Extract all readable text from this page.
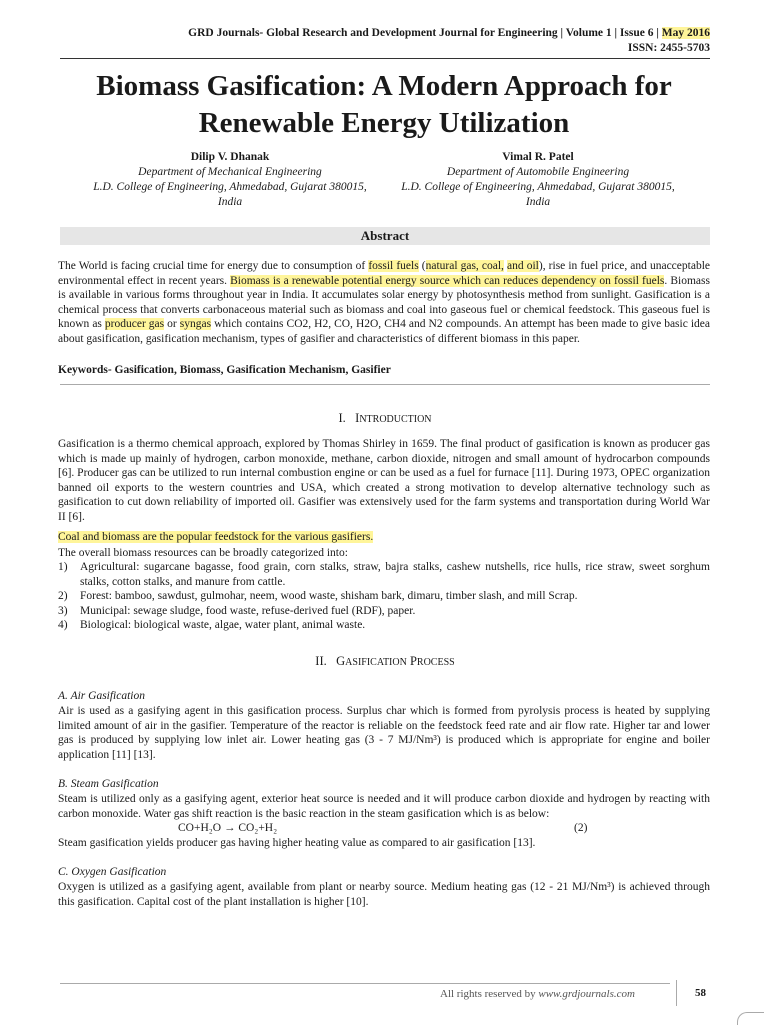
GRD Journals- Global Research and Development Journal for Engineering | Volume 1 | Issue 6 | May 2016
ISSN: 2455-5703
Biomass Gasification: A Modern Approach for
Renewable Energy Utilization
Dilip V. Dhanak
Department of Mechanical Engineering
L.D. College of Engineering, Ahmedabad, Gujarat 380015,
India
Vimal R. Patel
Department of Automobile Engineering
L.D. College of Engineering, Ahmedabad, Gujarat 380015,
India
Abstract
The World is facing crucial time for energy due to consumption of fossil fuels (natural gas, coal, and oil), rise in fuel price, and unacceptable environmental effect in recent years. Biomass is a renewable potential energy source which can reduces dependency on fossil fuels. Biomass is available in various forms throughout year in India. It accumulates solar energy by photosynthesis method from sunlight. Gasification is a chemical process that converts carbonaceous material such as biomass and coal into gaseous fuel or chemical feedstock. This gaseous fuel is known as producer gas or syngas which contains CO2, H2, CO, H2O, CH4 and N2 compounds. An attempt has been made to give basic idea about gasification, gasification mechanism, types of gasifier and characteristics of different biomass in this paper.
Keywords- Gasification, Biomass, Gasification Mechanism, Gasifier
I. INTRODUCTION
Gasification is a thermo chemical approach, explored by Thomas Shirley in 1659. The final product of gasification is known as producer gas which is made up mainly of hydrogen, carbon monoxide, methane, carbon dioxide, nitrogen and small amount of hydrocarbon compounds [6]. Producer gas can be utilized to run internal combustion engine or can be used as a fuel for furnace [11]. During 1973, OPEC organization banned oil exports to the western countries and USA, which created a strong motivation to develop alternative technology such as gasification to cut down reliability of imported oil. Gasifier was extensively used for the farm systems and transportation during World War II [6].
Coal and biomass are the popular feedstock for the various gasifiers.
The overall biomass resources can be broadly categorized into:
1)	Agricultural: sugarcane bagasse, food grain, corn stalks, straw, bajra stalks, cashew nutshells, rice hulls, rice straw, sweet sorghum stalks, cotton stalks, and manure from cattle.
2)	Forest: bamboo, sawdust, gulmohar, neem, wood waste, shisham bark, dimaru, timber slash, and mill Scrap.
3)	Municipal: sewage sludge, food waste, refuse-derived fuel (RDF), paper.
4)	Biological: biological waste, algae, water plant, animal waste.
II. GASIFICATION PROCESS
A. Air Gasification
Air is used as a gasifying agent in this gasification process. Surplus char which is formed from pyrolysis process is heated by supplying limited amount of air in the gasifier. Temperature of the reactor is reliable on the feedstock feed rate and air flow rate. Higher tar and lower gas is produced by supplying low inlet air. Lower heating gas (3 - 7 MJ/Nm³) is produced which is appropriate for engine and boiler application [11] [13].
B. Steam Gasification
Steam is utilized only as a gasifying agent, exterior heat source is needed and it will produce carbon dioxide and hydrogen by reacting with carbon monoxide. Water gas shift reaction is the basic reaction in the steam gasification which is as below:
CO+H₂O → CO₂+H₂	(2)
Steam gasification yields producer gas having higher heating value as compared to air gasification [13].
C. Oxygen Gasification
Oxygen is utilized as a gasifying agent, available from plant or nearby source. Medium heating gas (12 - 21 MJ/Nm³) is achieved through this gasification. Capital cost of the plant installation is higher [10].
All rights reserved by www.grdjournals.com	58
